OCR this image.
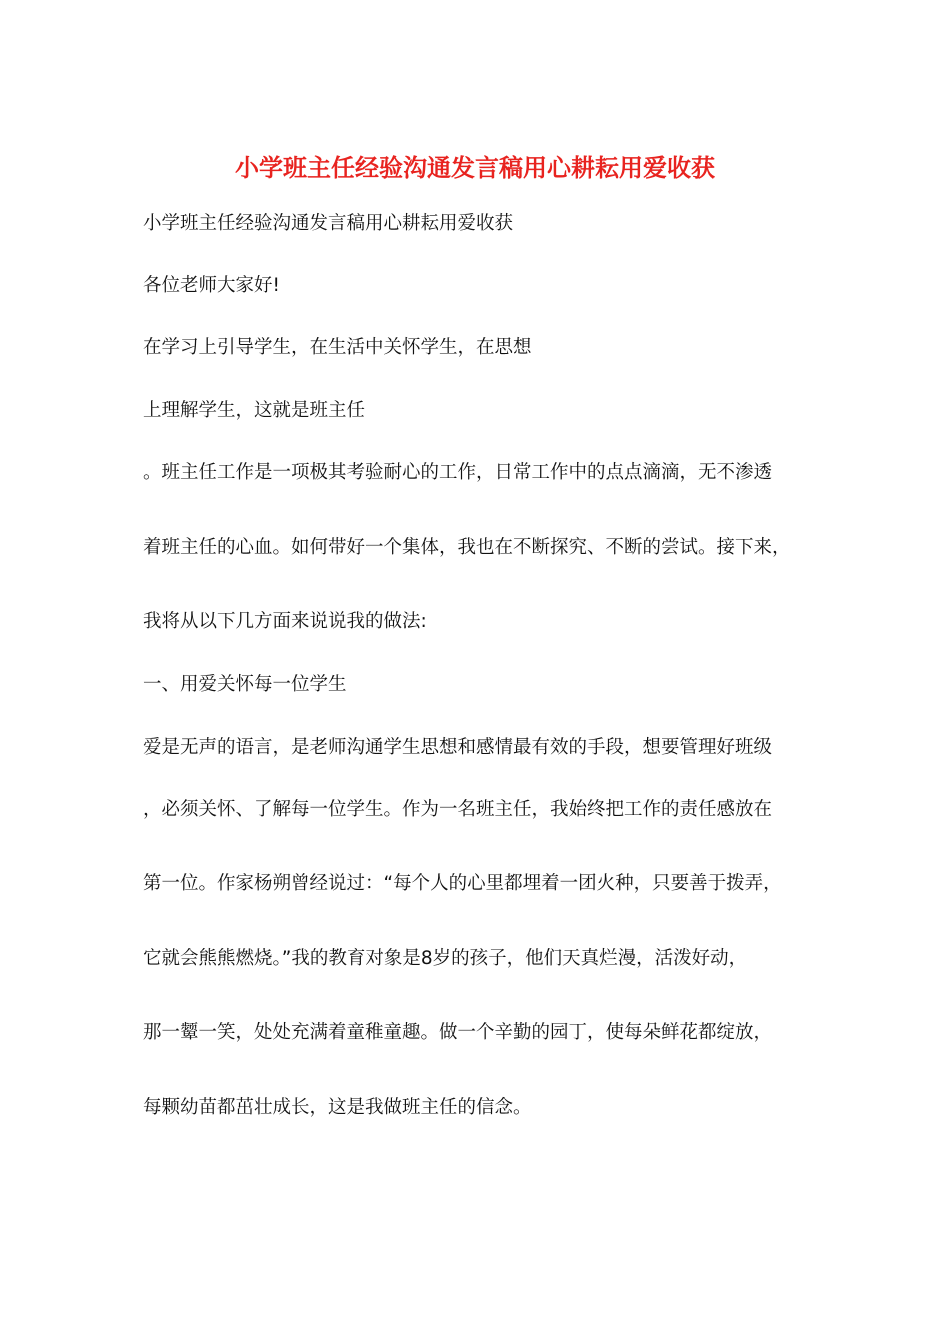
小学班主任经验沟通发言稿用心耕耘用爱收获
小学班主任经验沟通发言稿用心耕耘用爱收获
各位老师大家好!
在学习上引导学生，在生活中关怀学生，在思想
上理解学生，这就是班主任
。班主任工作是一项极其考验耐心的工作，日常工作中的点点滴滴，无不渗透
着班主任的心血。如何带好一个集体，我也在不断探究、不断的尝试。接下来，
我将从以下几方面来说说我的做法:
一、用爱关怀每一位学生
爱是无声的语言，是老师沟通学生思想和感情最有效的手段，想要管理好班级
，必须关怀、了解每一位学生。作为一名班主任，我始终把工作的责任感放在
第一位。作家杨朔曾经说过：“每个人的心里都埋着一团火种，只要善于拨弄，
它就会熊熊燃烧。”我的教育对象是8岁的孩子，他们天真烂漫，活泼好动，
那一颦一笑，处处充满着童稚童趣。做一个辛勤的园丁，使每朵鲜花都绽放，
每颗幼苗都茁壮成长，这是我做班主任的信念。
